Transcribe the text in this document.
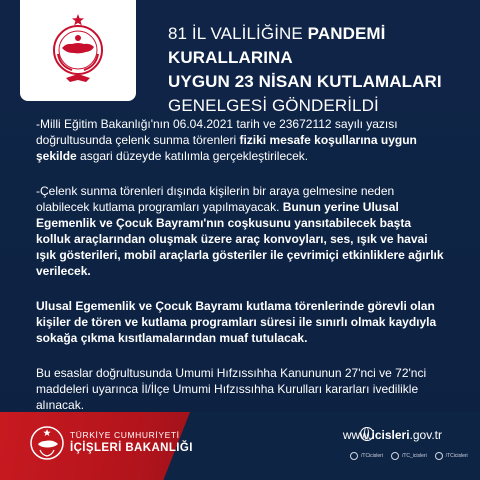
81 İL VALİLİĞİNE PANDEMİ KURALLARINA
UYGUN 23 NİSAN KUTLAMALARI
GENELGESİ GÖNDERİLDİ

-Milli Eğitim Bakanlığı'nın 06.04.2021 tarih ve 23672112 sayılı yazısı doğrultusunda çelenk sunma törenleri fiziki mesafe koşullarına uygun şekilde asgari düzeyde katılımla gerçekleştirilecek.

-Çelenk sunma törenleri dışında kişilerin bir araya gelmesine neden olabilecek kutlama programları yapılmayacak. Bunun yerine Ulusal Egemenlik ve Çocuk Bayramı'nın coşkusunu yansıtabilecek başta kolluk araçlarından oluşmak üzere araç konvoyları, ses, ışık ve havai ışık gösterileri, mobil araçlarla gösteriler ile çevrimiçi etkinliklere ağırlık verilecek.

Ulusal Egemenlik ve Çocuk Bayramı kutlama törenlerinde görevli olan kişiler de tören ve kutlama programları süresi ile sınırlı olmak kaydıyla sokağa çıkma kısıtlamalarından muaf tutulacak.

Bu esaslar doğrultusunda Umumi Hıfzıssıhha Kanununun 27'nci ve 72'nci maddeleri uyarınca İl/İlçe Umumi Hıfzıssıhha Kurulları kararları ivedilikle alınacak.

TÜRKİYE CUMHURİYETİ
İÇİŞLERİ BAKANLIĞI
www.icisleri.gov.tr
/TCicisleri	/TC_icisleri	/TCicisleri
